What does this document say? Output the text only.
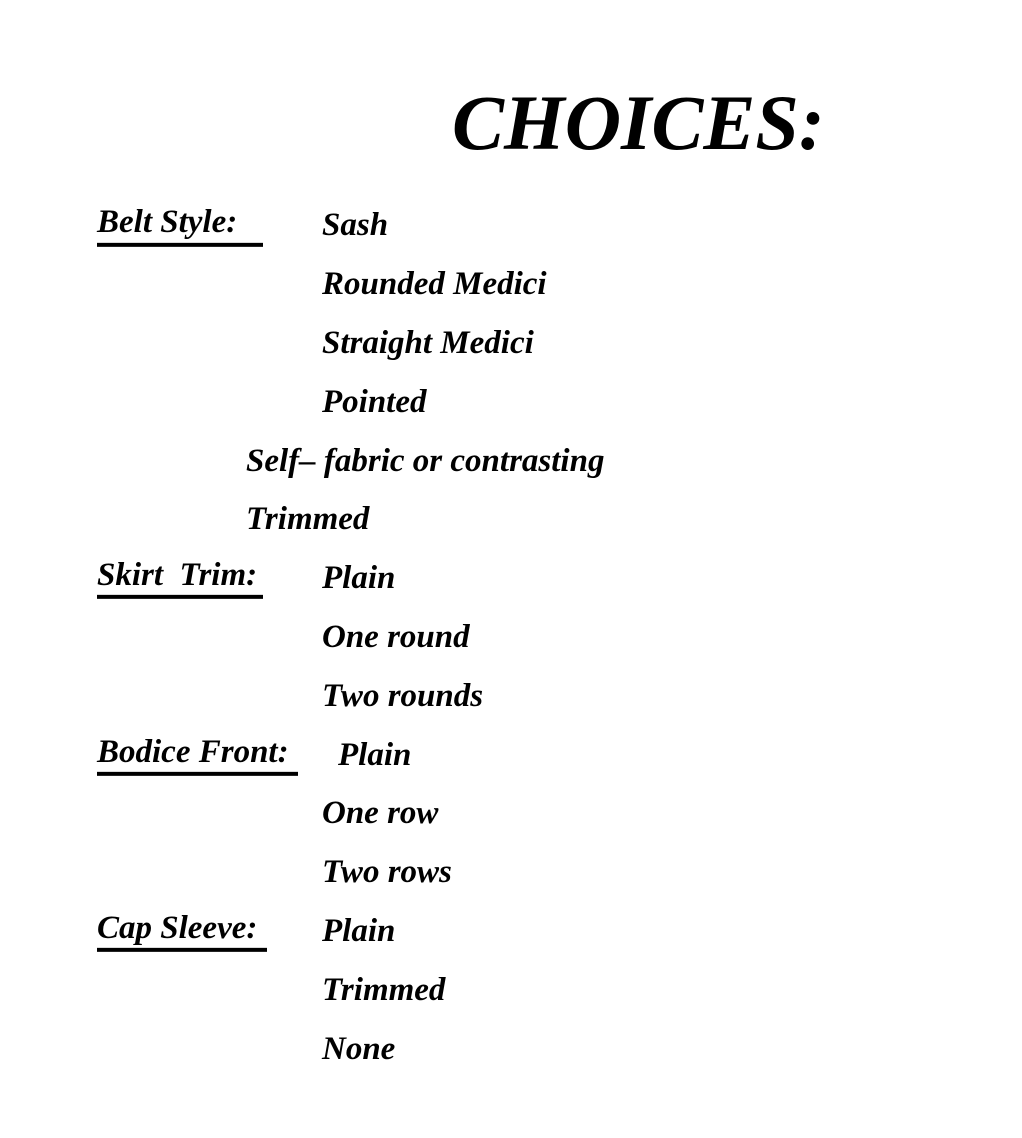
CHOICES:
Belt Style:	Sash
Rounded Medici
Straight Medici
Pointed
Self– fabric or contrasting
Trimmed
Skirt  Trim: Plain
One round
Two rounds
Bodice Front: Plain
One row
Two rows
Cap Sleeve:	Plain
Trimmed
None
